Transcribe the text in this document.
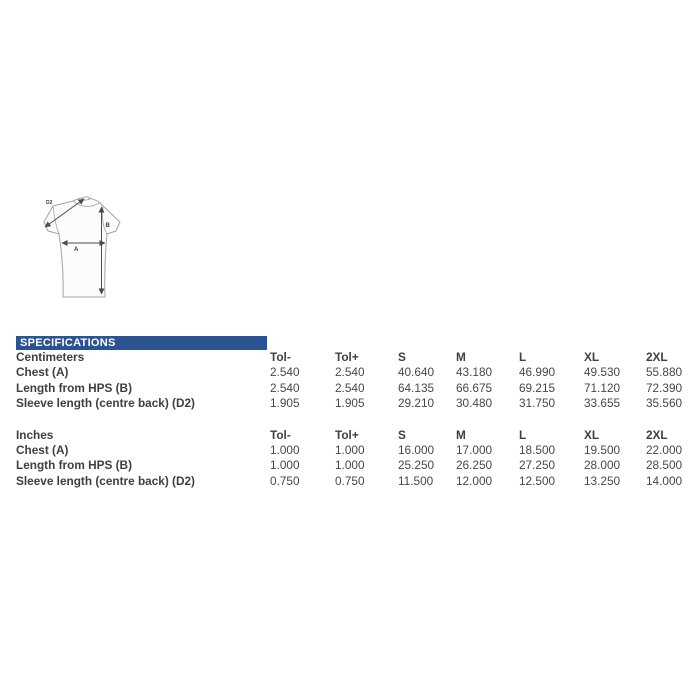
A
B
D2
SPECIFICATIONS
Centimeters	Tol-	Tol+	S	M	L	XL	2XL
Chest (A)	2.540	2.540	40.640	43.180	46.990	49.530	55.880
Length from HPS (B)	2.540	2.540	64.135	66.675	69.215	71.120	72.390
Sleeve length (centre back) (D2)	1.905	1.905	29.210	30.480	31.750	33.655	35.560
Inches	Tol-	Tol+	S	M	L	XL	2XL
Chest (A)	1.000	1.000	16.000	17.000	18.500	19.500	22.000
Length from HPS (B)	1.000	1.000	25.250	26.250	27.250	28.000	28.500
Sleeve length (centre back) (D2)	0.750	0.750	11.500	12.000	12.500	13.250	14.000
